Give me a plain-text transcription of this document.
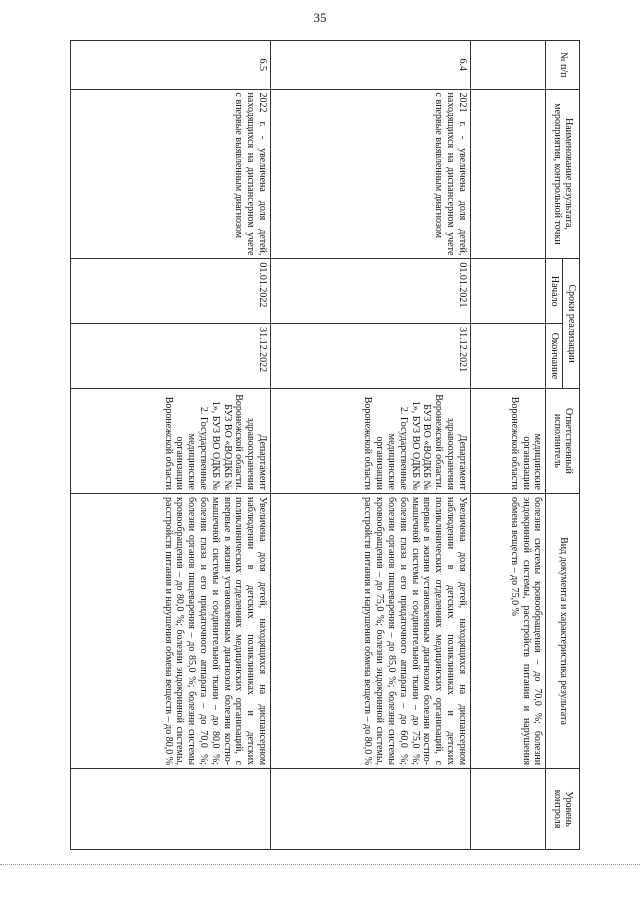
35
№ п/п	Наименование результата, мероприятия, контрольной точки	Сроки реализации		Ответственный исполнитель	Вид документа и характеристика результата	Уровень контроля
		Начало	Окончание			
				медицинские организации Воронежской области	болезни системы кровообращения – до 70,0 %; болезни эндокринной системы, расстройств питания и нарушения обмена веществ – до 75,0 %	
6.4	2021 г. - увеличена доля детей, находящихся на диспансерном учете с впервые выявленным диагнозом	01.01.2021	31.12.2021	Департамент здравоохранения Воронежской области. БУЗ ВО «ВОДКБ № 1», БУЗ ВО ОДКБ № 2. Государственные медицинские организации Воронежской области	Увеличена доля детей, находящихся на диспансерном наблюдении в детских поликлиниках и детских поликлинических отделениях медицинских организаций, с впервые в жизни установленным диагнозом болезни костно-мышечной системы и соединительной ткани – до 75,0 %; болезни глаза и его придаточного аппарата – до 60,0 %; болезни органов пищеварения – до 85,0 %; болезни системы кровообращения – до 75,0 %; болезни эндокринной системы, расстройств питания и нарушения обмена веществ – до 80,0 %	
6.5	2022 г. - увеличена доля детей, находящихся на диспансерном учете с впервые выявленным диагнозом	01.01.2022	31.12.2022	Департамент здравоохранения Воронежской области. БУЗ ВО «ВОДКБ № 1», БУЗ ВО ОДКБ № 2. Государственные медицинские организации Воронежской области	Увеличена доля детей, находящихся на диспансерном наблюдении в детских поликлиниках и детских поликлинических отделениях медицинских организаций, с впервые в жизни установленным диагнозом болезни костно-мышечной системы и соединительной ткани – до 80,0 %; болезни глаза и его придаточного аппарата – до 70,0 %; болезни органов пищеварения – до 85,0 %; болезни системы кровообращения – до 80,0 %; болезни эндокринной системы, расстройств питания и нарушения обмена веществ – до 80,0 %	
